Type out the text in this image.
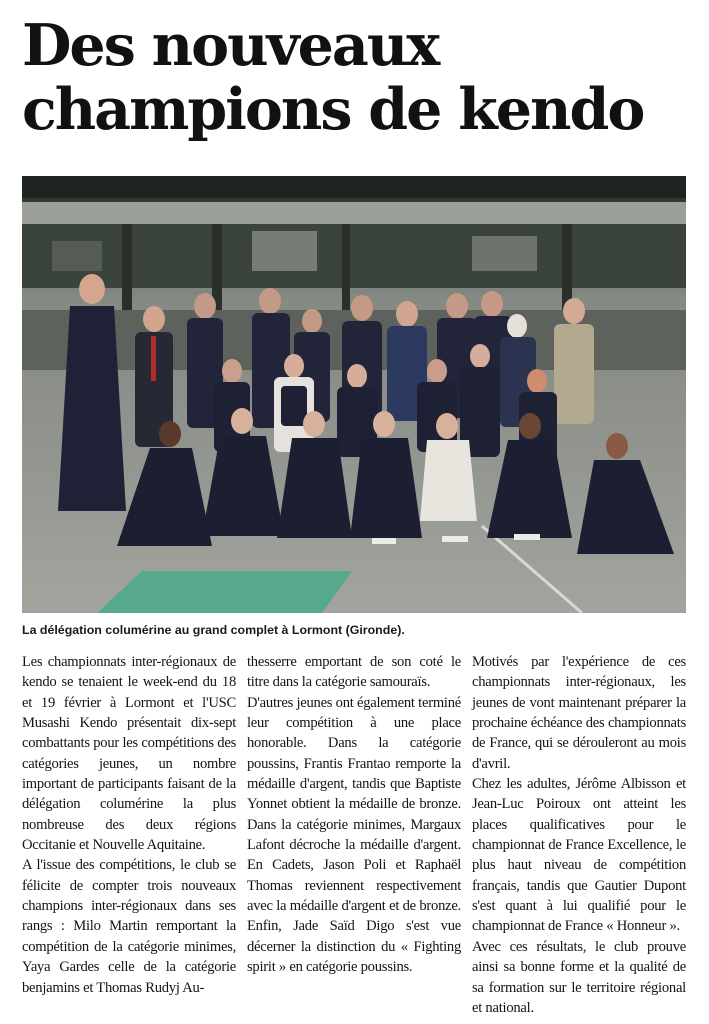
Des nouveaux champions de kendo

La délégation columérine au grand complet à Lormont (Gironde).

Les championnats inter-régionaux de kendo se tenaient le week-end du 18 et 19 février à Lormont et l'USC Musashi Kendo présentait dix-sept combattants pour les compétitions des catégories jeunes, un nombre important de participants faisant de la délégation columérine la plus nombreuse des deux régions Occitanie et Nouvelle Aquitaine.

A l'issue des compétitions, le club se félicite de compter trois nouveaux champions inter-régionaux dans ses rangs : Milo Martin remportant la compétition de la catégorie minimes, Yaya Gardes celle de la catégorie benjamins et Thomas Rudyj Au-

thesserre emportant de son coté le titre dans la catégorie samouraïs.

D'autres jeunes ont également terminé leur compétition à une place honorable. Dans la catégorie poussins, Frantis Frantao remporte la médaille d'argent, tandis que Baptiste Yonnet obtient la médaille de bronze. Dans la catégorie minimes, Margaux Lafont décroche la médaille d'argent. En Cadets, Jason Poli et Raphaël Thomas reviennent respectivement avec la médaille d'argent et de bronze. Enfin, Jade Saïd Digo s'est vue décerner la distinction du « Fighting spirit » en catégorie poussins.

Motivés par l'expérience de ces championnats inter-régionaux, les jeunes de vont maintenant préparer la prochaine échéance des championnats de France, qui se dérouleront au mois d'avril.

Chez les adultes, Jérôme Albisson et Jean-Luc Poiroux ont atteint les places qualificatives pour le championnat de France Excellence, le plus haut niveau de compétition français, tandis que Gautier Dupont s'est quant à lui qualifié pour le championnat de France « Honneur ».

Avec ces résultats, le club prouve ainsi sa bonne forme et la qualité de sa formation sur le territoire régional et national.
